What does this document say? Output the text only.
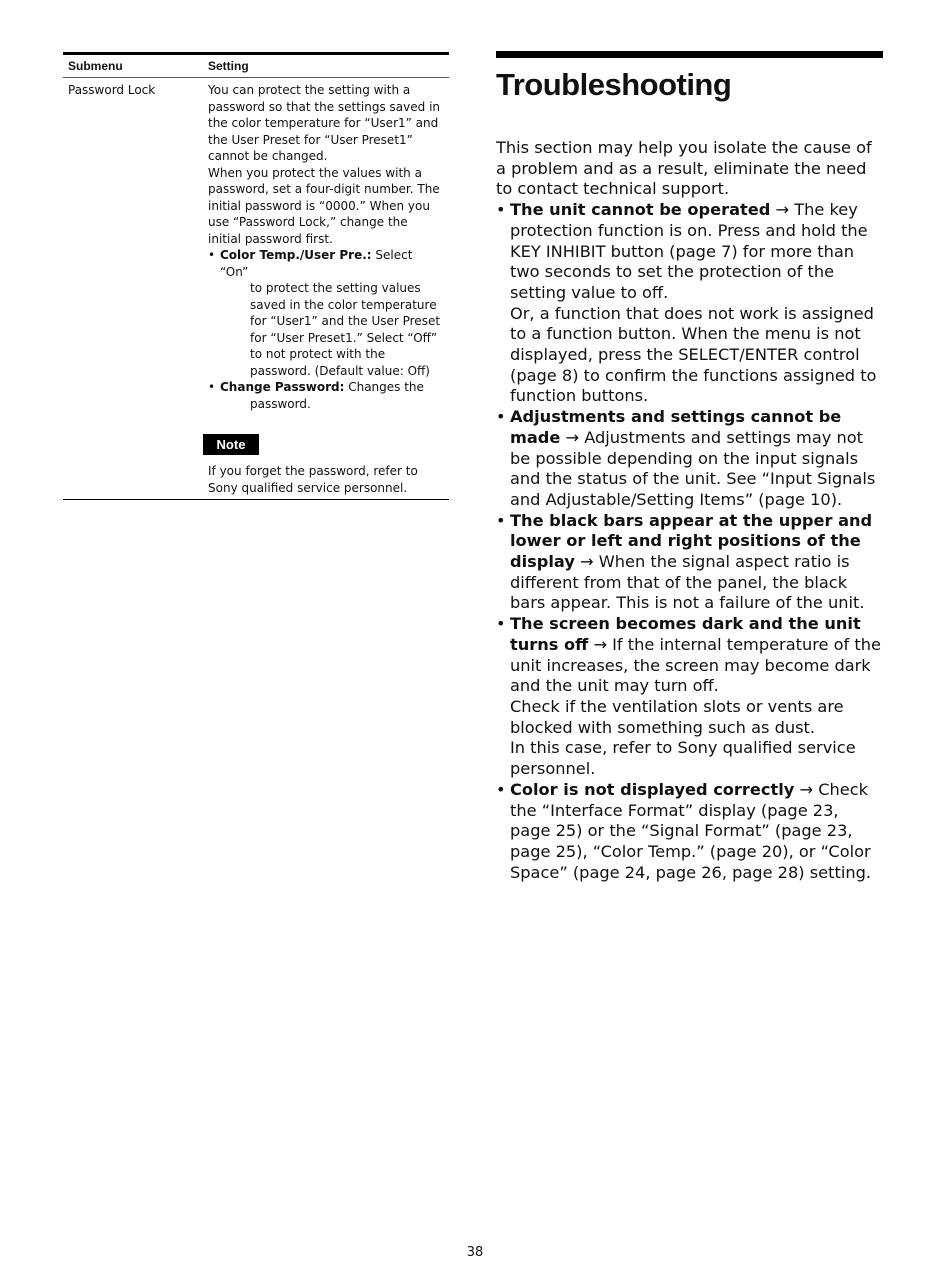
Submenu	Setting
Password Lock	You can protect the setting with a password so that the settings saved in the color temperature for “User1” and the User Preset for “User Preset1” cannot be changed.

When you protect the values with a password, set a four-digit number. The initial password is “0000.” When you use “Password Lock,” change the initial password first.

• Color Temp./User Pre.: Select “On”
to protect the setting values saved in the color temperature for “User1” and the User Preset for “User Preset1.” Select “Off” to not protect with the password. (Default value: Off)
• Change Password: Changes the
password.
Note

If you forget the password, refer to Sony qualified service personnel.

Troubleshooting

This section may help you isolate the cause of a problem and as a result, eliminate the need to contact technical support.

• The unit cannot be operated → The key protection function is on. Press and hold the KEY INHIBIT button (page 7) for more than two seconds to set the protection of the setting value to off.
Or, a function that does not work is assigned to a function button. When the menu is not displayed, press the SELECT/ENTER control (page 8) to confirm the functions assigned to function buttons.
• Adjustments and settings cannot be made → Adjustments and settings may not be possible depending on the input signals and the status of the unit. See “Input Signals and Adjustable/Setting Items” (page 10).
• The black bars appear at the upper and lower or left and right positions of the display → When the signal aspect ratio is different from that of the panel, the black bars appear. This is not a failure of the unit.
• The screen becomes dark and the unit turns off → If the internal temperature of the unit increases, the screen may become dark and the unit may turn off.
Check if the ventilation slots or vents are blocked with something such as dust.
In this case, refer to Sony qualified service personnel.
• Color is not displayed correctly → Check the “Interface Format” display (page 23, page 25) or the “Signal Format” (page 23, page 25), “Color Temp.” (page 20), or “Color Space” (page 24, page 26, page 28) setting.
38
